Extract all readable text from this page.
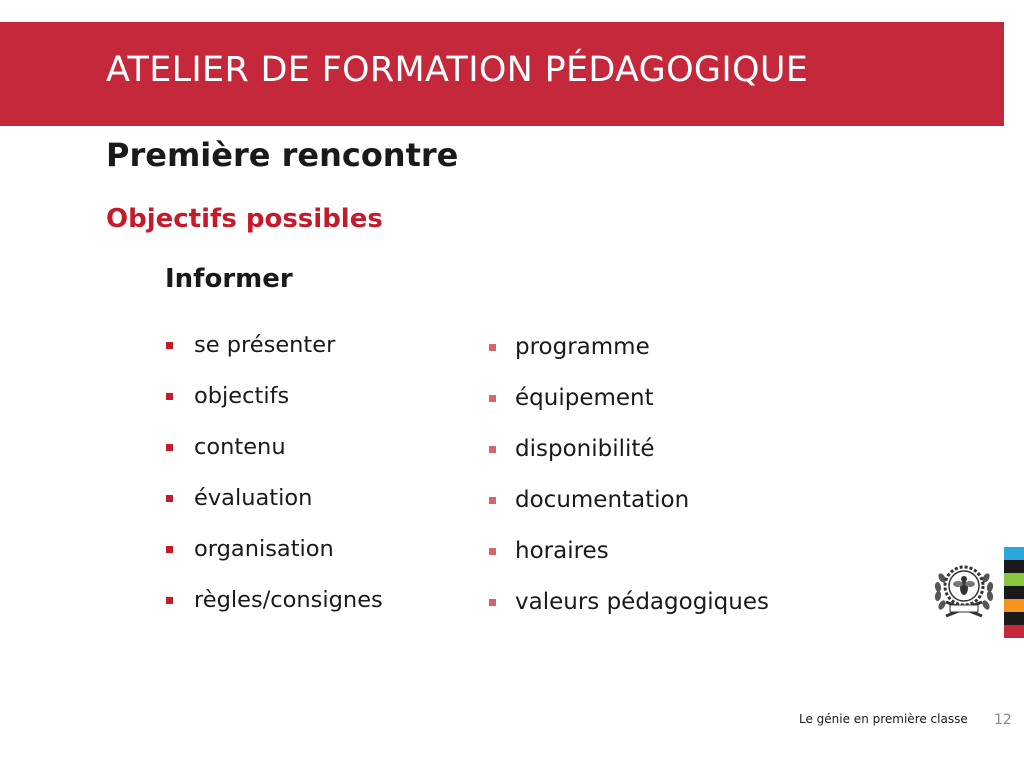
ATELIER DE FORMATION PÉDAGOGIQUE
Première rencontre
Objectifs possibles
Informer
se présenter
objectifs
contenu
évaluation
organisation
règles/consignes
programme
équipement
disponibilité
documentation
horaires
valeurs pédagogiques
Le génie en première classe 12
